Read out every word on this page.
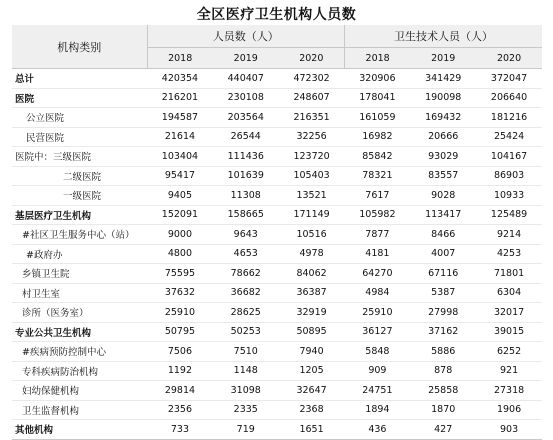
全区医疗卫生机构人员数
机构类别	人员数（人）			卫生技术人员（人）		
	2018	2019	2020	2018	2019	2020
总计	420354	440407	472302	320906	341429	372047
医院	216201	230108	248607	178041	190098	206640
公立医院	194587	203564	216351	161059	169432	181216
民营医院	21614	26544	32256	16982	20666	25424
医院中：三级医院	103404	111436	123720	85842	93029	104167
二级医院	95417	101639	105403	78321	83557	86903
一级医院	9405	11308	13521	7617	9028	10933
基层医疗卫生机构	152091	158665	171149	105982	113417	125489
#社区卫生服务中心（站）	9000	9643	10516	7877	8466	9214
#政府办	4800	4653	4978	4181	4007	4253
乡镇卫生院	75595	78662	84062	64270	67116	71801
村卫生室	37632	36682	36387	4984	5387	6304
诊所（医务室）	25910	28625	32919	25910	27998	32017
专业公共卫生机构	50795	50253	50895	36127	37162	39015
#疾病预防控制中心	7506	7510	7940	5848	5886	6252
专科疾病防治机构	1192	1148	1205	909	878	921
妇幼保健机构	29814	31098	32647	24751	25858	27318
卫生监督机构	2356	2335	2368	1894	1870	1906
其他机构	733	719	1651	436	427	903
